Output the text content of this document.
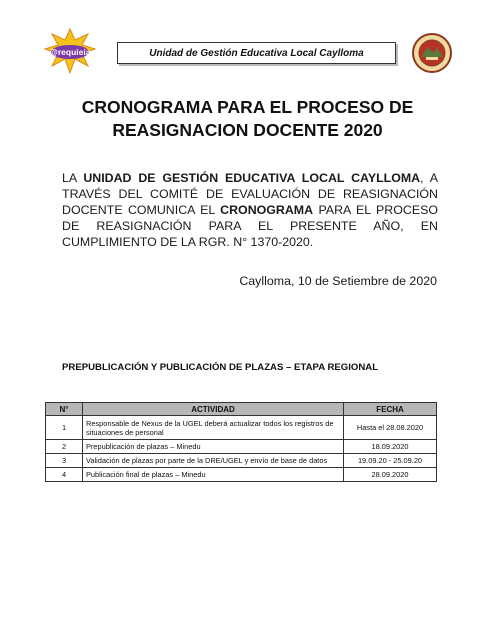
@requieia	Unidad de Gestión Educativa Local Caylloma
CRONOGRAMA PARA EL PROCESO DE
REASIGNACION DOCENTE 2020
LA UNIDAD DE GESTIÓN EDUCATIVA LOCAL CAYLLOMA, A TRAVÉS DEL COMITÉ DE EVALUACIÓN DE REASIGNACIÓN DOCENTE COMUNICA EL CRONOGRAMA PARA EL PROCESO DE REASIGNACIÓN PARA EL PRESENTE AÑO, EN CUMPLIMIENTO DE LA RGR. N° 1370-2020.
Caylloma, 10 de Setiembre de 2020
PREPUBLICACIÓN Y PUBLICACIÓN DE PLAZAS – ETAPA REGIONAL
N°	ACTIVIDAD	FECHA
1	Responsable de Nexus de la UGEL deberá actualizar todos los registros de situaciones de personal	Hasta el 28.08.2020
2	Prepublicación de plazas – Minedu	18.09.2020
3	Validación de plazas por parte de la DRE/UGEL y envío de base de datos	19.09.20 - 25.09.20
4	Publicación final de plazas – Minedu	28.09.2020
